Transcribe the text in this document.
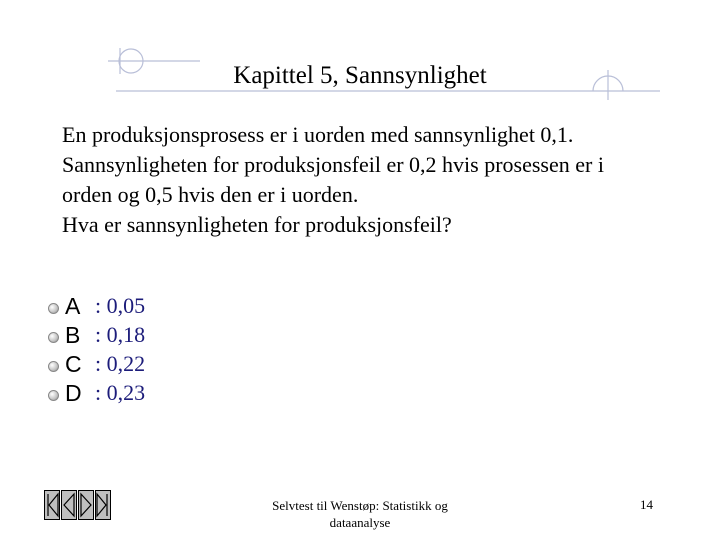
Kapittel 5, Sannsynlighet

En produksjonsprosess er i uorden med sannsynlighet 0,1.

Sannsynligheten for produksjonsfeil er 0,2 hvis prosessen er i

orden og 0,5 hvis den er i uorden.

Hva er sannsynligheten for produksjonsfeil?

A : 0,05
B : 0,18
C : 0,22
D : 0,23
Selvtest til Wenstøp: Statistikk og dataanalyse
14
